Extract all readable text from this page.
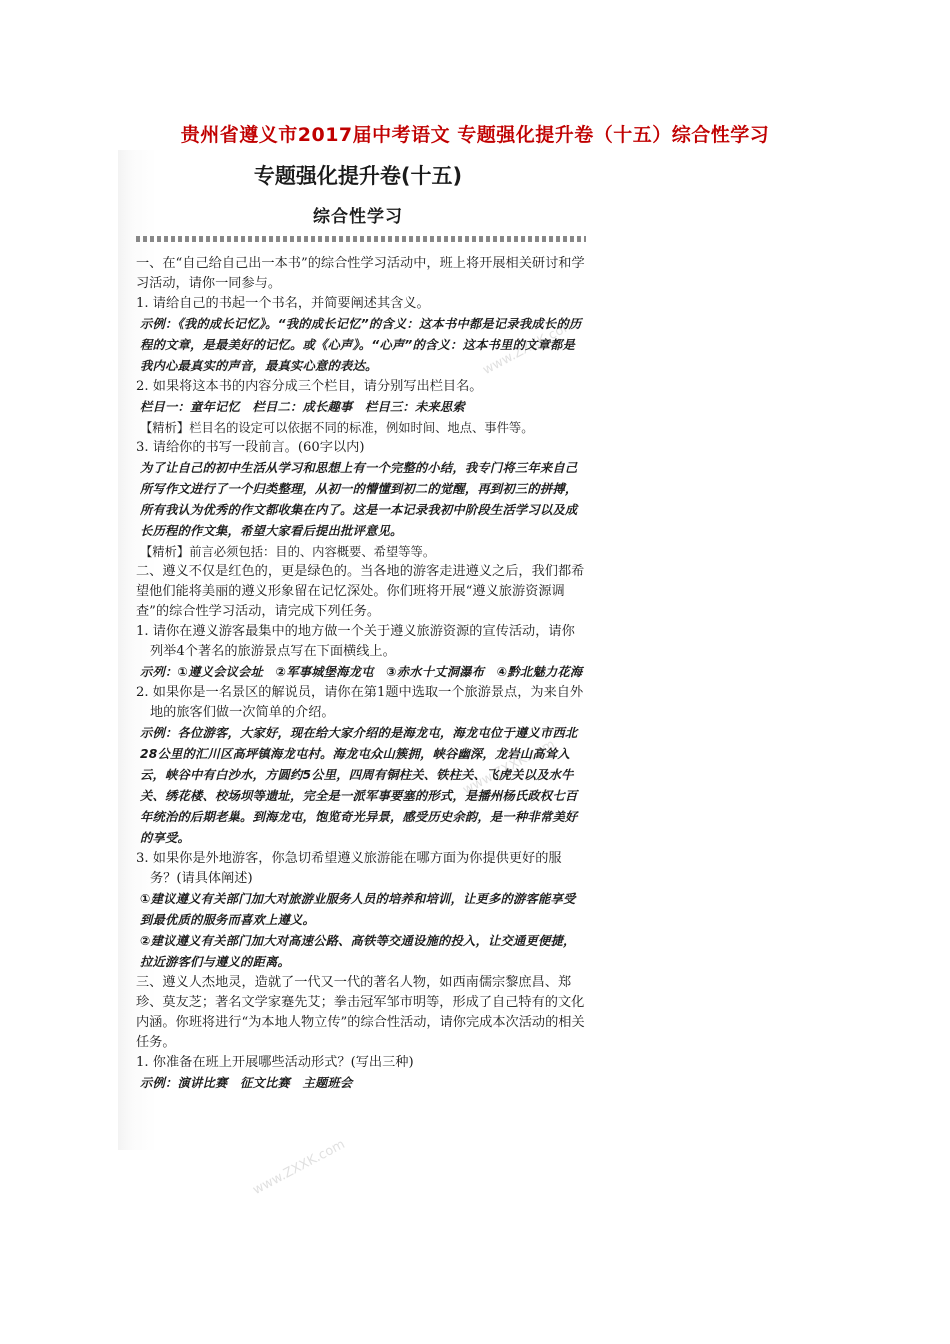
贵州省遵义市2017届中考语文 专题强化提升卷（十五）综合性学习
专题强化提升卷(十五)
综合性学习
www.ZXXK.com
www.ZXXK.com
www.ZXXK.com

一、在“自己给自己出一本书”的综合性学习活动中，班上将开展相关研讨和学习活动，请你一同参与。

1. 请给自己的书起一个书名，并简要阐述其含义。

示例：《我的成长记忆》。“我的成长记忆”的含义：这本书中都是记录我成长的历程的文章，是最美好的记忆。或《心声》。“心声”的含义：这本书里的文章都是我内心最真实的声音，最真实心意的表达。

2. 如果将这本书的内容分成三个栏目，请分别写出栏目名。

栏目一：童年记忆　栏目二：成长趣事　栏目三：未来思索

【精析】栏目名的设定可以依据不同的标准，例如时间、地点、事件等。

3. 请给你的书写一段前言。(60字以内)

为了让自己的初中生活从学习和思想上有一个完整的小结，我专门将三年来自己所写作文进行了一个归类整理，从初一的懵懂到初二的觉醒，再到初三的拼搏，所有我认为优秀的作文都收集在内了。这是一本记录我初中阶段生活学习以及成长历程的作文集，希望大家看后提出批评意见。

【精析】前言必须包括：目的、内容概要、希望等等。

二、遵义不仅是红色的，更是绿色的。当各地的游客走进遵义之后，我们都希望他们能将美丽的遵义形象留在记忆深处。你们班将开展“遵义旅游资源调查”的综合性学习活动，请完成下列任务。

1. 请你在遵义游客最集中的地方做一个关于遵义旅游资源的宣传活动，请你列举4个著名的旅游景点写在下面横线上。

示列：①遵义会议会址　②军事城堡海龙屯　③赤水十丈洞瀑布　④黔北魅力花海

2. 如果你是一名景区的解说员，请你在第1题中选取一个旅游景点，为来自外地的旅客们做一次简单的介绍。

示例：各位游客，大家好，现在给大家介绍的是海龙屯，海龙屯位于遵义市西北28公里的汇川区高坪镇海龙屯村。海龙屯众山簇拥，峡谷幽深，龙岩山高耸入云，峡谷中有白沙水，方圆约5公里，四周有铜柱关、铁柱关、飞虎关以及水牛关、绣花楼、校场坝等遗址，完全是一派军事要塞的形式，是播州杨氏政权七百年统治的后期老巢。到海龙屯，饱览奇光异景，感受历史余韵，是一种非常美好的享受。

3. 如果你是外地游客，你急切希望遵义旅游能在哪方面为你提供更好的服务？(请具体阐述)

①建议遵义有关部门加大对旅游业服务人员的培养和培训，让更多的游客能享受到最优质的服务而喜欢上遵义。

②建议遵义有关部门加大对高速公路、高铁等交通设施的投入，让交通更便捷，拉近游客们与遵义的距离。

三、遵义人杰地灵，造就了一代又一代的著名人物，如西南儒宗黎庶昌、郑珍、莫友芝；著名文学家蹇先艾；拳击冠军邹市明等，形成了自己特有的文化内涵。你班将进行“为本地人物立传”的综合性活动，请你完成本次活动的相关任务。

1. 你准备在班上开展哪些活动形式？(写出三种)

示例：演讲比赛　征文比赛　主题班会
